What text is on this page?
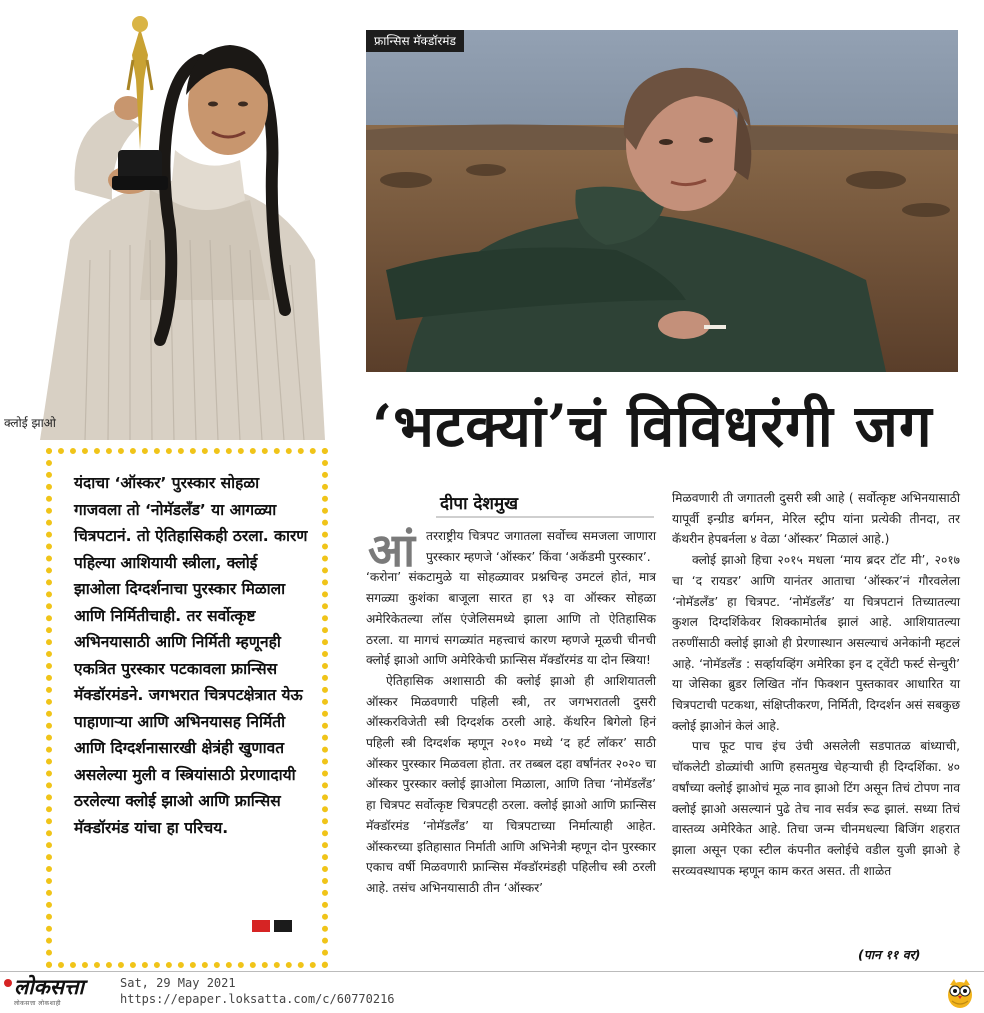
क्लोई झाओ
फ्रान्सिस मॅक्डॉरमंड
‘भटक्यां’चं विविधरंगी जग

यंदाचा ‘ऑस्कर’ पुरस्कार सोहळा गाजवला तो ‘नोमॅडलँड’ या आगळ्या चित्रपटानं. तो ऐतिहासिकही ठरला. कारण पहिल्या आशियायी स्त्रीला, क्लोई झाओला दिग्दर्शनाचा पुरस्कार मिळाला आणि निर्मितीचाही. तर सर्वोत्कृष्ट अभिनयासाठी आणि निर्मिती म्हणूनही एकत्रित पुरस्कार पटकावला फ्रान्सिस मॅक्डॉरमंडने. जगभरात चित्रपटक्षेत्रात येऊ पाहाणाऱ्या आणि अभिनयासह निर्मिती आणि दिग्दर्शनासारखी क्षेत्रंही खुणावत असलेल्या मुली व स्त्रियांसाठी प्रेरणादायी ठरलेल्या क्लोई झाओ आणि फ्रान्सिस मॅक्डॉरमंड यांचा हा परिचय.

दीपा देशमुख
आं तरराष्ट्रीय चित्रपट जगातला सर्वोच्च समजला जाणारा पुरस्कार म्हणजे ‘ऑस्कर’ किंवा ‘अकॅडमी पुरस्कार’.

‘करोना’ संकटामुळे या सोहळ्यावर प्रश्नचिन्ह उमटलं होतं, मात्र सगळ्या कुशंका बाजूला सारत हा ९३ वा ऑस्कर सोहळा अमेरिकेतल्या लॉस एंजेलिसमध्ये झाला आणि तो ऐतिहासिक ठरला. या मागचं सगळ्यांत महत्त्वाचं कारण म्हणजे मूळची चीनची क्लोई झाओ आणि अमेरिकेची फ्रान्सिस मॅक्डॉरमंड या दोन स्त्रिया!

ऐतिहासिक अशासाठी की क्लोई झाओ ही आशियातली ऑस्कर मिळवणारी पहिली स्त्री, तर जगभरातली दुसरी ऑस्करविजेती स्त्री दिग्दर्शक ठरली आहे. कॅथरिन बिगेलो हिनं पहिली स्त्री दिग्दर्शक म्हणून २०१० मध्ये ‘द हर्ट लॉकर’ साठी ऑस्कर पुरस्कार मिळवला होता. तर तब्बल दहा वर्षांनंतर २०२० चा ऑस्कर पुरस्कार क्लोई झाओला मिळाला, आणि तिचा ‘नोमॅडलँड’ हा चित्रपट सर्वोत्कृष्ट चित्रपटही ठरला. क्लोई झाओ आणि फ्रान्सिस मॅक्डॉरमंड ‘नोमॅडलँड’ या चित्रपटाच्या निर्मात्याही आहेत. ऑस्करच्या इतिहासात निर्माती आणि अभिनेत्री म्हणून दोन पुरस्कार एकाच वर्षी मिळवणारी फ्रान्सिस मॅक्डॉरमंडही पहिलीच स्त्री ठरली आहे. तसंच अभिनयासाठी तीन ‘ऑस्कर’

मिळवणारी ती जगातली दुसरी स्त्री आहे ( सर्वोत्कृष्ट अभिनयासाठी यापूर्वी इन्ग्रीड बर्गमन, मेरिल स्ट्रीप यांना प्रत्येकी तीनदा, तर कॅथरीन हेपबर्नला ४ वेळा ‘ऑस्कर’ मिळालं आहे.)

क्लोई झाओ हिचा २०१५ मधला ‘माय ब्रदर टॉट मी’, २०१७ चा ‘द रायडर’ आणि यानंतर आताचा ‘ऑस्कर’नं गौरवलेला ‘नोमॅडलँड’ हा चित्रपट. ‘नोमॅडलँड’ या चित्रपटानं तिच्यातल्या कुशल दिग्दर्शिकेवर शिक्कामोर्तब झालं आहे. आशियातल्या तरुणींसाठी क्लोई झाओ ही प्रेरणास्थान असल्याचं अनेकांनी म्हटलं आहे. ‘नोमॅडलँड : सर्व्हायव्हिंग अमेरिका इन द ट्वेंटी फर्स्ट सेन्चुरी’ या जेसिका ब्रुडर लिखित नॉन फिक्शन पुस्तकावर आधारित या चित्रपटाची पटकथा, संक्षिप्तीकरण, निर्मिती, दिग्दर्शन असं सबकुछ क्लोई झाओनं केलं आहे.

पाच फूट पाच इंच उंची असलेली सडपातळ बांध्याची, चॉकलेटी डोळ्यांची आणि हसतमुख चेहऱ्याची ही दिग्दर्शिका. ४० वर्षांच्या क्लोई झाओचं मूळ नाव झाओ टिंग असून तिचं टोपण नाव क्लोई झाओ असल्यानं पुढे तेच नाव सर्वत्र रूढ झालं. सध्या तिचं वास्तव्य अमेरिकेत आहे. तिचा जन्म चीनमधल्या बिजिंग शहरात झाला असून एका स्टील कंपनीत क्लोईचे वडील युजी झाओ हे सरव्यवस्थापक म्हणून काम करत असत. ती शाळेत

(पान ११ वर)
लोकसत्ता
लोकसत्ता लोकशाही
Sat, 29 May 2021
https://epaper.loksatta.com/c/60770216
